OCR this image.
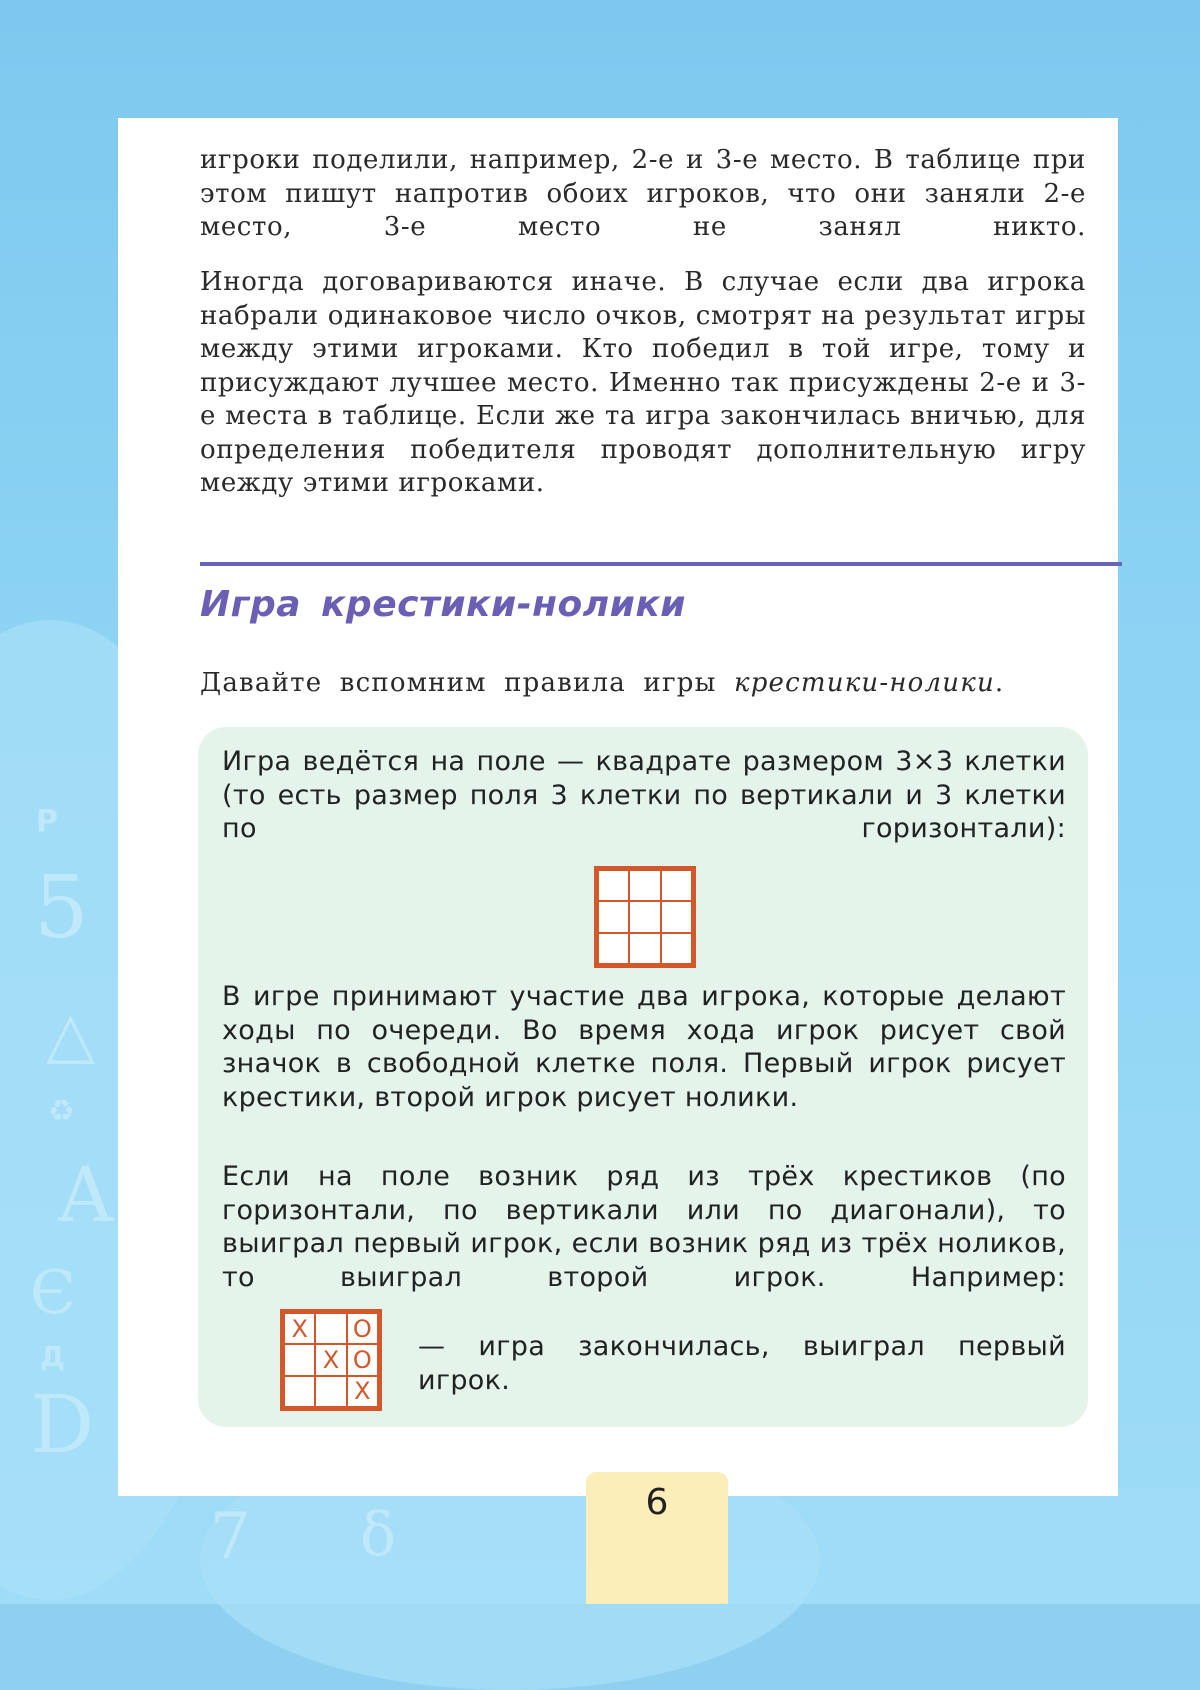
P
5
△
♻
A
Є
Д
D
7 δ

игроки поделили, например, 2-е и 3-е место. В таблице при этом пишут напротив обоих игроков, что они заняли 2-е место, 3-е место не занял никто.

Иногда договариваются иначе. В случае если два игрока набрали одинаковое число очков, смотрят на результат игры между этими игроками. Кто победил в той игре, тому и присуждают лучшее место. Именно так присуждены 2-е и 3-е места в таблице. Если же та игра закончилась вничью, для определения победителя проводят дополнительную игру между этими игроками.

Игра крестики-нолики

Давайте вспомним правила игры крестики-нолики.

Игра ведётся на поле — квадрате размером 3×3 клетки (то есть размер поля 3 клетки по вертикали и 3 клетки по горизонтали):

В игре принимают участие два игрока, которые делают ходы по очереди. Во время хода игрок рисует свой значок в свободной клетке поля. Первый игрок рисует крестики, второй игрок рисует нолики.

Если на поле возник ряд из трёх крестиков (по горизонтали, по вертикали или по диагонали), то выиграл первый игрок, если возник ряд из трёх ноликов, то выиграл второй игрок. Например:

X	O
X O
X

— игра закончилась, выиграл первый
игрок.

6
